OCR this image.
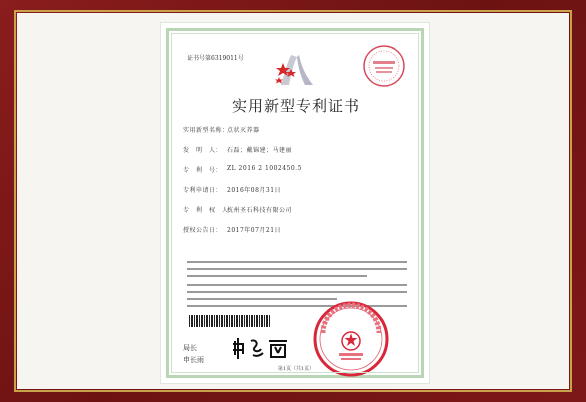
证书号第6319011号
实用新型专利证书
实用新型名称：
点状灭养器
发　明　人： 石磊；戴锦建；马建丽
专　利　号： ZL 2016 2 1002450.5
专利申请日： 2016年08月31日
专　利　权　人：
杭州圣石科技有限公司
授权公告日： 2017年07月21日
局长
申长雨
第1页（共1页）
